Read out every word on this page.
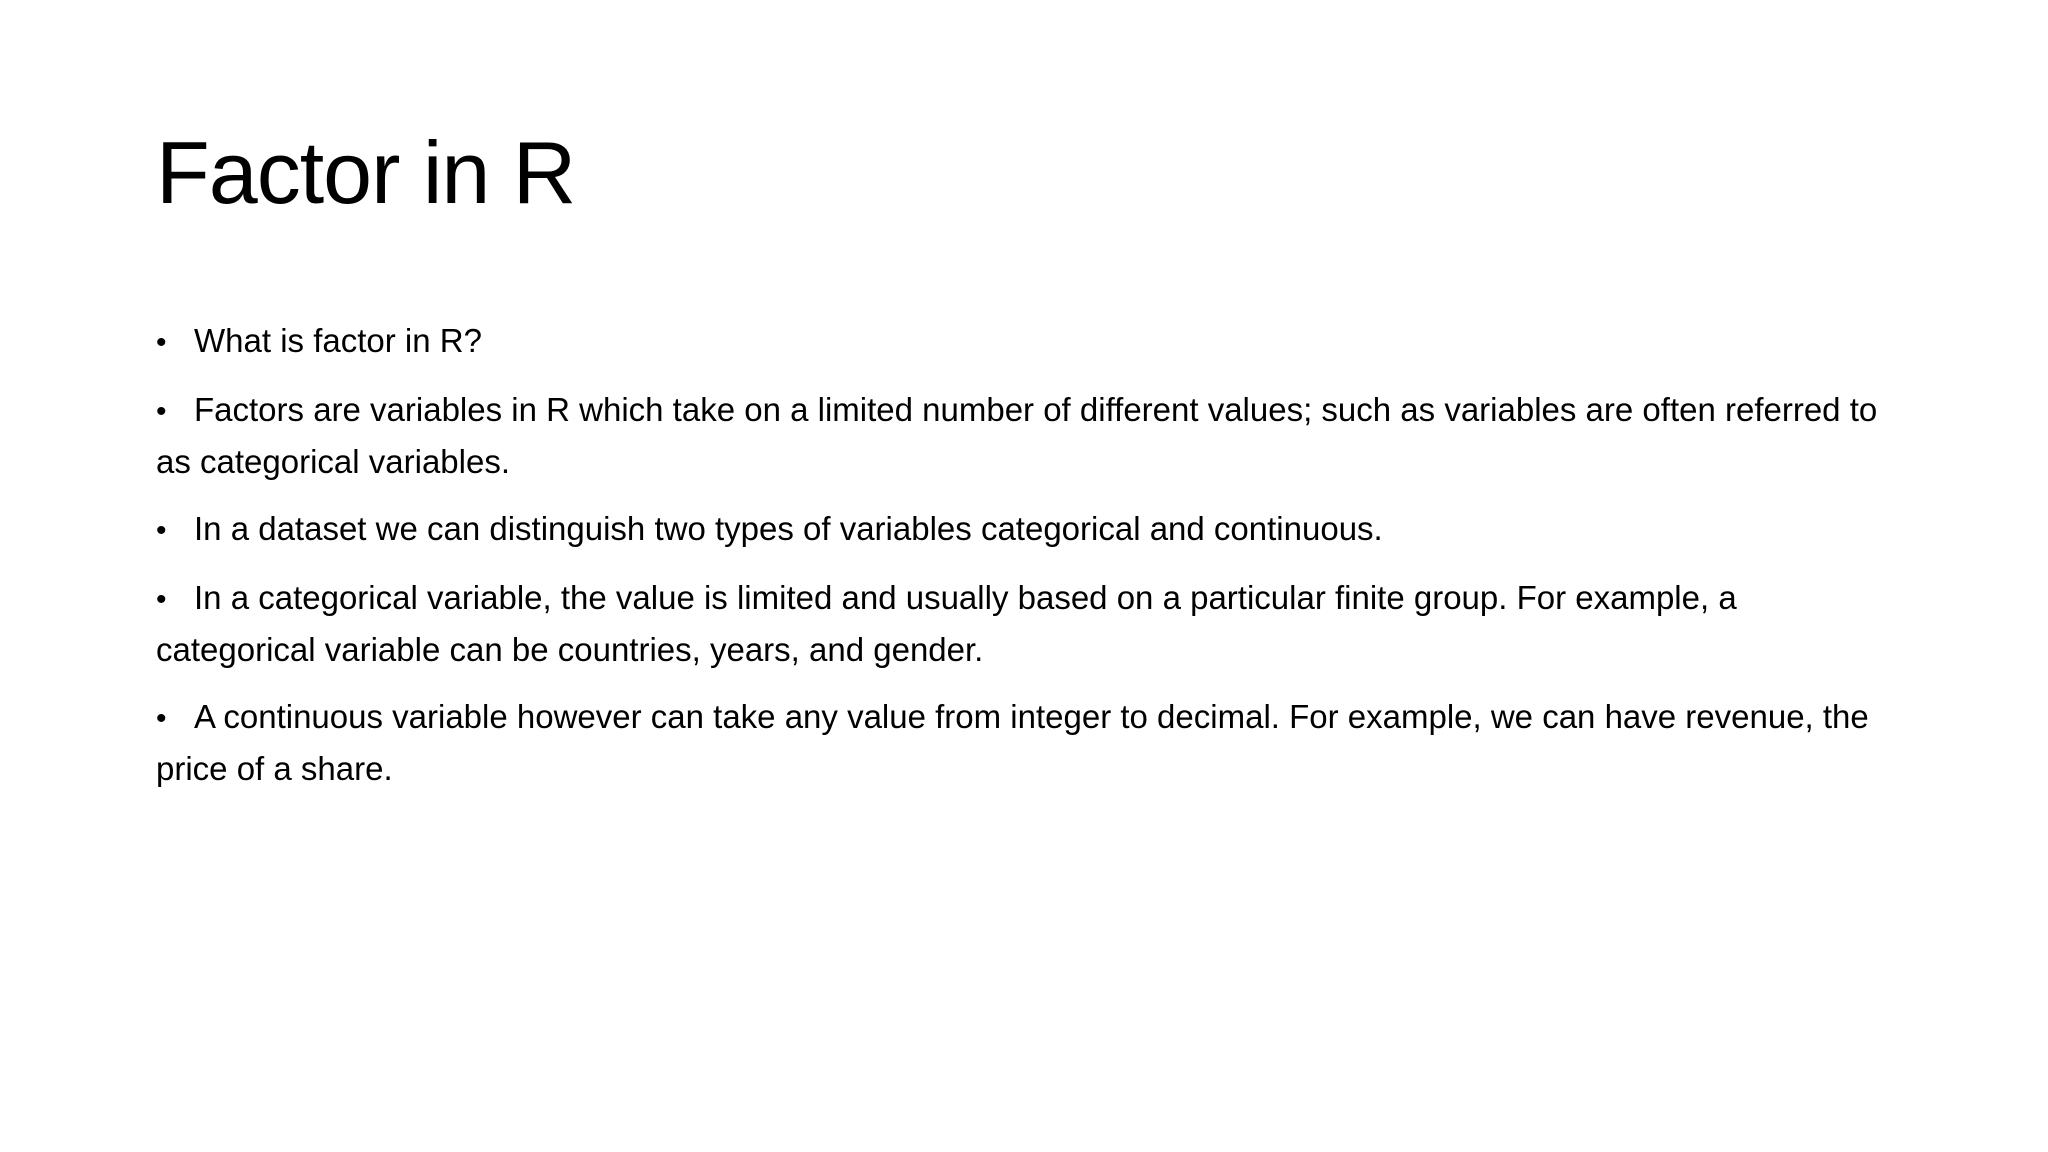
Factor in R
• What is factor in R?
• Factors are variables in R which take on a limited number of different values; such as variables are often referred to as categorical variables.
• In a dataset we can distinguish two types of variables categorical and continuous.
• In a categorical variable, the value is limited and usually based on a particular finite group. For example, a categorical variable can be countries, years, and gender.
• A continuous variable however can take any value from integer to decimal. For example, we can have revenue, the price of a share.
